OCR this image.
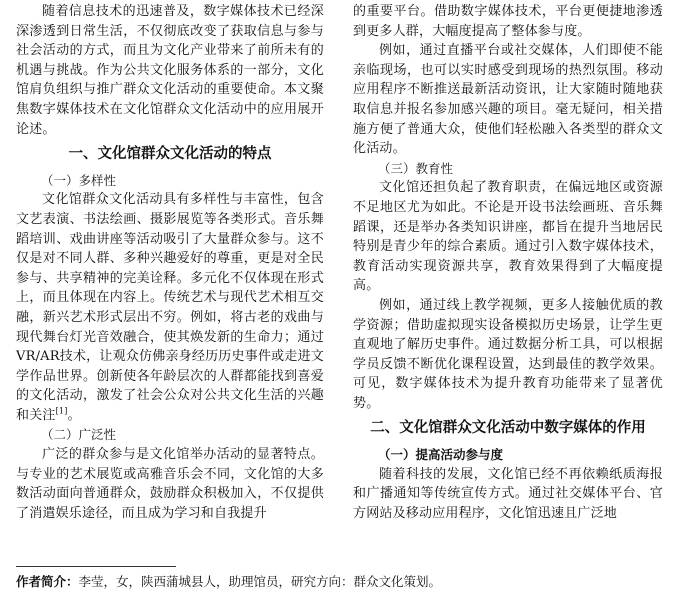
随着信息技术的迅速普及，数字媒体技术已经深深渗透到日常生活，不仅彻底改变了获取信息与参与社会活动的方式，而且为文化产业带来了前所未有的机遇与挑战。作为公共文化服务体系的一部分，文化馆肩负组织与推广群众文化活动的重要使命。本文聚焦数字媒体技术在文化馆群众文化活动中的应用展开论述。

一、文化馆群众文化活动的特点
（一）多样性

文化馆群众文化活动具有多样性与丰富性，包含文艺表演、书法绘画、摄影展览等各类形式。音乐舞蹈培训、戏曲讲座等活动吸引了大量群众参与。这不仅是对不同人群、多种兴趣爱好的尊重，更是对全民参与、共享精神的完美诠释。多元化不仅体现在形式上，而且体现在内容上。传统艺术与现代艺术相互交融，新兴艺术形式层出不穷。例如，将古老的戏曲与现代舞台灯光音效融合，使其焕发新的生命力；通过VR/AR技术，让观众仿佛亲身经历历史事件或走进文学作品世界。创新使各年龄层次的人群都能找到喜爱的文化活动，激发了社会公众对公共文化生活的兴趣和关注[1]。

（二）广泛性

广泛的群众参与是文化馆举办活动的显著特点。与专业的艺术展览或高雅音乐会不同，文化馆的大多数活动面向普通群众，鼓励群众积极加入，不仅提供了消遣娱乐途径，而且成为学习和自我提升

的重要平台。借助数字媒体技术，平台更便捷地渗透到更多人群，大幅度提高了整体参与度。

例如，通过直播平台或社交媒体，人们即使不能亲临现场，也可以实时感受到现场的热烈氛围。移动应用程序不断推送最新活动资讯，让大家随时随地获取信息并报名参加感兴趣的项目。毫无疑问，相关措施方便了普通大众，使他们轻松融入各类型的群众文化活动。

（三）教育性

文化馆还担负起了教育职责，在偏远地区或资源不足地区尤为如此。不论是开设书法绘画班、音乐舞蹈课，还是举办各类知识讲座，都旨在提升当地居民特别是青少年的综合素质。通过引入数字媒体技术，教育活动实现资源共享，教育效果得到了大幅度提高。

例如，通过线上教学视频，更多人接触优质的教学资源；借助虚拟现实设备模拟历史场景，让学生更直观地了解历史事件。通过数据分析工具，可以根据学员反馈不断优化课程设置，达到最佳的教学效果。可见，数字媒体技术为提升教育功能带来了显著优势。

二、文化馆群众文化活动中数字媒体的作用
（一）提高活动参与度

随着科技的发展，文化馆已经不再依赖纸质海报和广播通知等传统宣传方式。通过社交媒体平台、官方网站及移动应用程序，文化馆迅速且广泛地

作者简介：李莹，女，陕西蒲城县人，助理馆员，研究方向：群众文化策划。
